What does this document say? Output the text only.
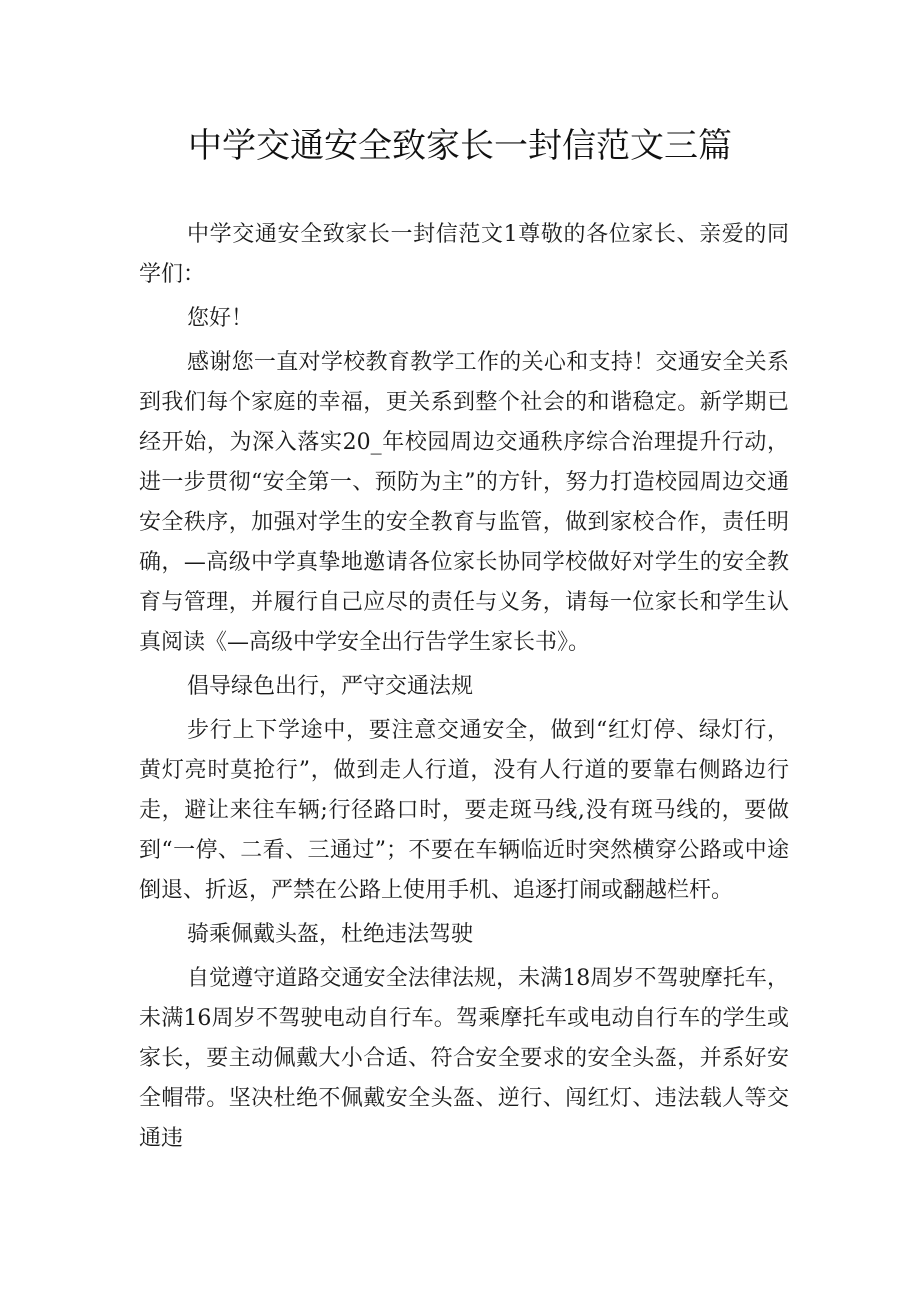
中学交通安全致家长一封信范文三篇

中学交通安全致家长一封信范文1尊敬的各位家长、亲爱的同学们：

您好！

感谢您一直对学校教育教学工作的关心和支持！交通安全关系到我们每个家庭的幸福，更关系到整个社会的和谐稳定。新学期已经开始，为深入落实20_年校园周边交通秩序综合治理提升行动，进一步贯彻“安全第一、预防为主”的方针，努力打造校园周边交通安全秩序，加强对学生的安全教育与监管，做到家校合作，责任明确，—高级中学真挚地邀请各位家长协同学校做好对学生的安全教育与管理，并履行自己应尽的责任与义务，请每一位家长和学生认真阅读《—高级中学安全出行告学生家长书》。

倡导绿色出行，严守交通法规

步行上下学途中，要注意交通安全，做到“红灯停、绿灯行，黄灯亮时莫抢行”，做到走人行道，没有人行道的要靠右侧路边行走，避让来往车辆;行径路口时，要走斑马线,没有斑马线的，要做到“一停、二看、三通过”；不要在车辆临近时突然横穿公路或中途倒退、折返，严禁在公路上使用手机、追逐打闹或翻越栏杆。

骑乘佩戴头盔，杜绝违法驾驶

自觉遵守道路交通安全法律法规，未满18周岁不驾驶摩托车，未满16周岁不驾驶电动自行车。驾乘摩托车或电动自行车的学生或家长，要主动佩戴大小合适、符合安全要求的安全头盔，并系好安全帽带。坚决杜绝不佩戴安全头盔、逆行、闯红灯、违法载人等交通违
